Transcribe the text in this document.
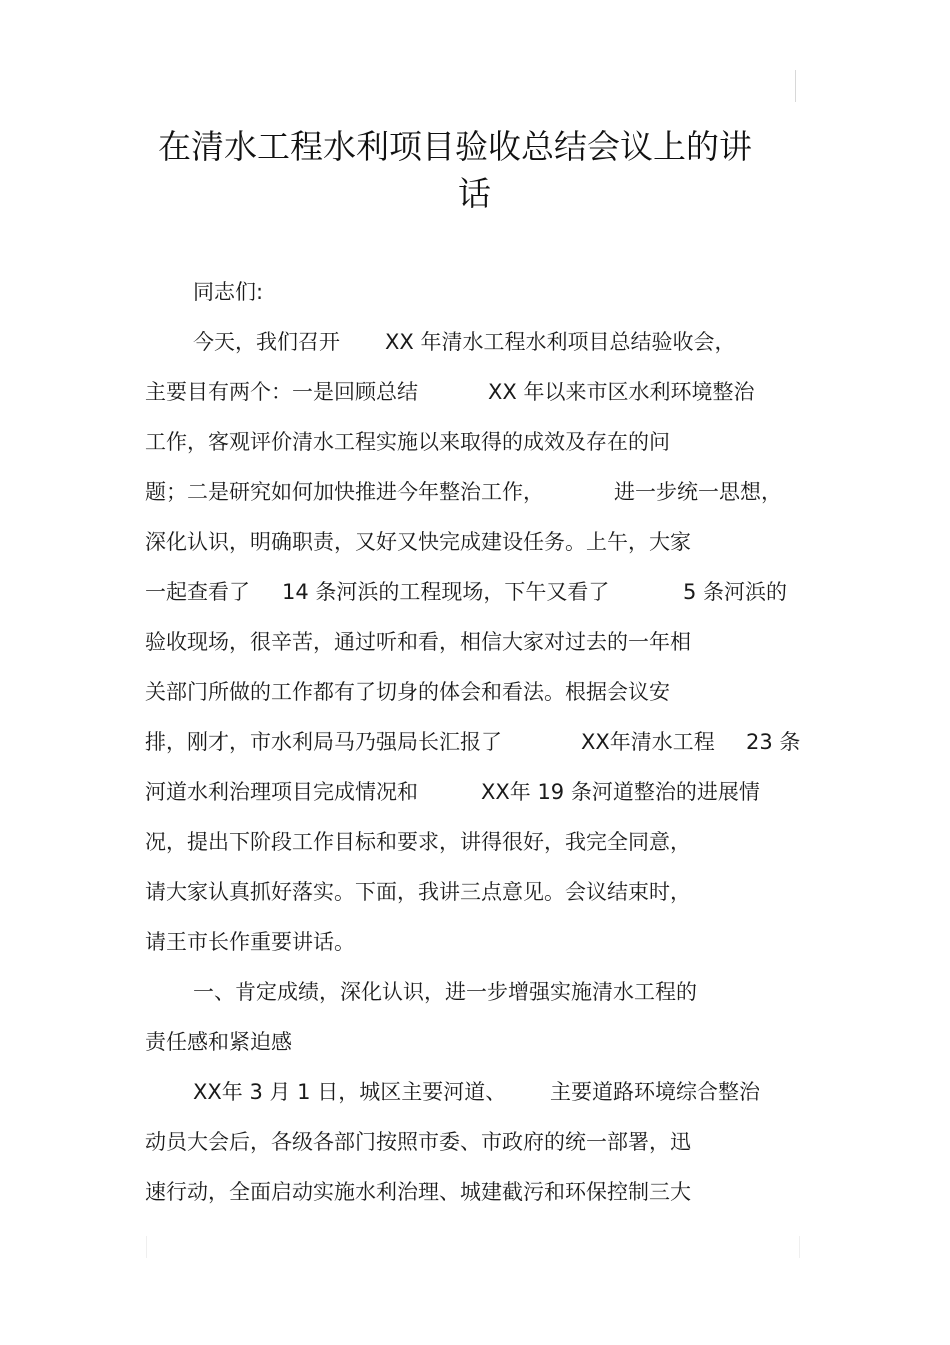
在清水工程水利项目验收总结会议上的讲
话
同志们:
今天，我们召开 XX 年清水工程水利项目总结验收会，
主要目有两个：一是回顾总结	XX 年以来市区水利环境整治
工作，客观评价清水工程实施以来取得的成效及存在的问
题；二是研究如何加快推进今年整治工作，	进一步统一思想，
深化认识，明确职责，又好又快完成建设任务。上午，大家
一起查看了 14 条河浜的工程现场，下午又看了	5 条河浜的
验收现场，很辛苦，通过听和看，相信大家对过去的一年相
关部门所做的工作都有了切身的体会和看法。根据会议安
排，刚才，市水利局马乃强局长汇报了	XX年清水工程 23 条
河道水利治理项目完成情况和	XX年 19 条河道整治的进展情
况，提出下阶段工作目标和要求，讲得很好，我完全同意，
请大家认真抓好落实。下面，我讲三点意见。会议结束时，
请王市长作重要讲话。
一、肯定成绩，深化认识，进一步增强实施清水工程的
责任感和紧迫感
XX年 3 月 1 日，城区主要河道、 主要道路环境综合整治
动员大会后，各级各部门按照市委、市政府的统一部署，迅
速行动，全面启动实施水利治理、城建截污和环保控制三大
